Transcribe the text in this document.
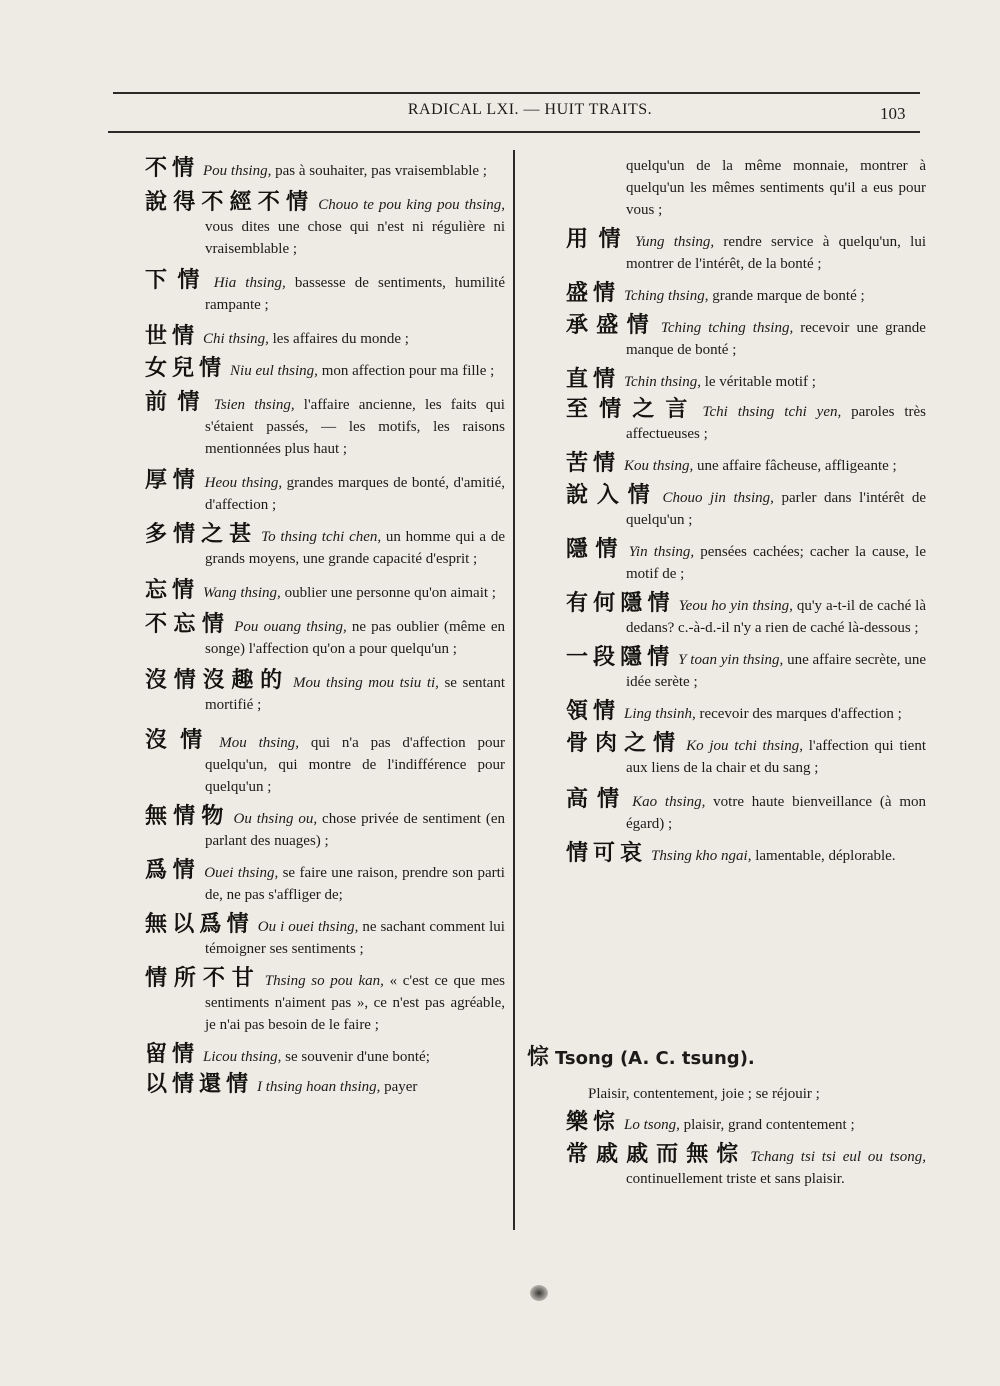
RADICAL LXI. — HUIT TRAITS.	103
不情 Pou thsing, pas à souhaiter, pas vraisemblable ;
說得不經不情 Chouo te pou king pou thsing, vous dites une chose qui n'est ni régulière ni vraisemblable ;
下情 Hia thsing, bassesse de sentiments, humilité rampante ;
世情 Chi thsing, les affaires du monde ;
女兒情 Niu eul thsing, mon affection pour ma fille ;
前情 Tsien thsing, l'affaire ancienne, les faits qui s'étaient passés, — les motifs, les raisons mentionnées plus haut ;
厚情 Heou thsing, grandes marques de bonté, d'amitié, d'affection ;
多情之甚 To thsing tchi chen, un homme qui a de grands moyens, une grande capacité d'esprit ;
忘情 Wang thsing, oublier une personne qu'on aimait ;
不忘情 Pou ouang thsing, ne pas oublier (même en songe) l'affection qu'on a pour quelqu'un ;
沒情沒趣的 Mou thsing mou tsiu ti, se sentant mortifié ;
沒情 Mou thsing, qui n'a pas d'affection pour quelqu'un, qui montre de l'indifférence pour quelqu'un ;
無情物 Ou thsing ou, chose privée de sentiment (en parlant des nuages) ;
爲情 Ouei thsing, se faire une raison, prendre son parti de, ne pas s'affliger de;
無以爲情 Ou i ouei thsing, ne sachant comment lui témoigner ses sentiments ;
情所不甘 Thsing so pou kan, « c'est ce que mes sentiments n'aiment pas », ce n'est pas agréable, je n'ai pas besoin de le faire ;
留情 Licou thsing, se souvenir d'une bonté;
以情還情 I thsing hoan thsing, payer
quelqu'un de la même monnaie, montrer à quelqu'un les mêmes sentiments qu'il a eus pour vous ;
用情 Yung thsing, rendre service à quelqu'un, lui montrer de l'intérêt, de la bonté ;
盛情 Tching thsing, grande marque de bonté ;
承盛情 Tching tching thsing, recevoir une grande manque de bonté ;
直情 Tchin thsing, le véritable motif ;
至情之言 Tchi thsing tchi yen, paroles très affectueuses ;
苦情 Kou thsing, une affaire fâcheuse, affligeante ;
說入情 Chouo jin thsing, parler dans l'intérêt de quelqu'un ;
隱情 Yin thsing, pensées cachées; cacher la cause, le motif de ;
有何隱情 Yeou ho yin thsing, qu'y a-t-il de caché là dedans? c.-à-d.-il n'y a rien de caché là-dessous ;
一段隱情 Y toan yin thsing, une affaire secrète, une idée serète ;
領情 Ling thsinh, recevoir des marques d'affection ;
骨肉之情 Ko jou tchi thsing, l'affection qui tient aux liens de la chair et du sang ;
高情 Kao thsing, votre haute bienveillance (à mon égard) ;
情可哀 Thsing kho ngai, lamentable, déplorable.
悰 Tsong (A. C. tsung).
Plaisir, contentement, joie ; se réjouir ;
樂悰 Lo tsong, plaisir, grand contentement ;
常戚戚而無悰 Tchang tsi tsi eul ou tsong, continuellement triste et sans plaisir.
